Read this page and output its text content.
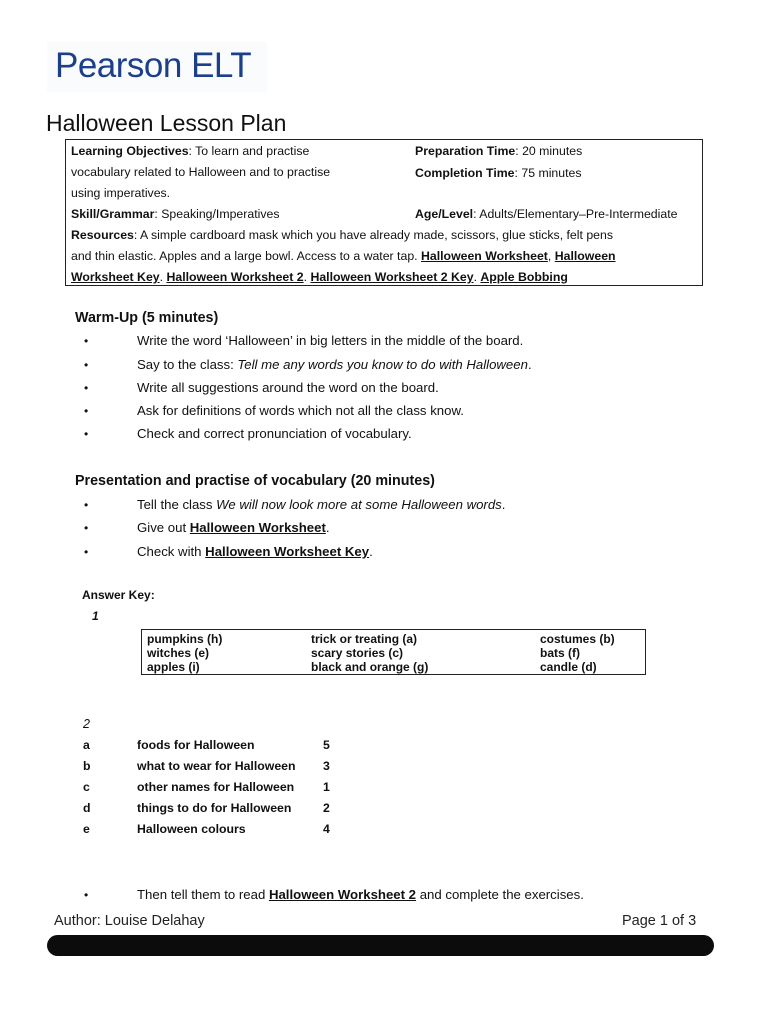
Pearson ELT
Halloween Lesson Plan
Learning Objectives: To learn and practise
vocabulary related to Halloween and to practise
using imperatives.
Preparation Time: 20 minutes
Completion Time: 75 minutes
Skill/Grammar: Speaking/Imperatives	Age/Level: Adults/Elementary–Pre-Intermediate
Resources: A simple cardboard mask which you have already made, scissors, glue sticks, felt pens
and thin elastic. Apples and a large bowl. Access to a water tap. Halloween Worksheet, Halloween
Worksheet Key. Halloween Worksheet 2. Halloween Worksheet 2 Key. Apple Bobbing
Warm-Up (5 minutes)
•	Write the word ‘Halloween’ in big letters in the middle of the board.
•	Say to the class: Tell me any words you know to do with Halloween.
•	Write all suggestions around the word on the board.
•	Ask for definitions of words which not all the class know.
•	Check and correct pronunciation of vocabulary.
Presentation and practise of vocabulary (20 minutes)
•	Tell the class We will now look more at some Halloween words.
•	Give out Halloween Worksheet.
•	Check with Halloween Worksheet Key.
Answer Key:
1
pumpkins (h)	trick or treating (a)	costumes (b)
witches (e)	scary stories (c)	bats (f)
apples (i)	black and orange (g)	candle (d)
2
a	foods for Halloween	5
b	what to wear for Halloween 3
c	other names for Halloween 1
d	things to do for Halloween	2
e	Halloween colours	4
•	Then tell them to read Halloween Worksheet 2 and complete the exercises.
Author: Louise Delahay	Page 1 of 3
